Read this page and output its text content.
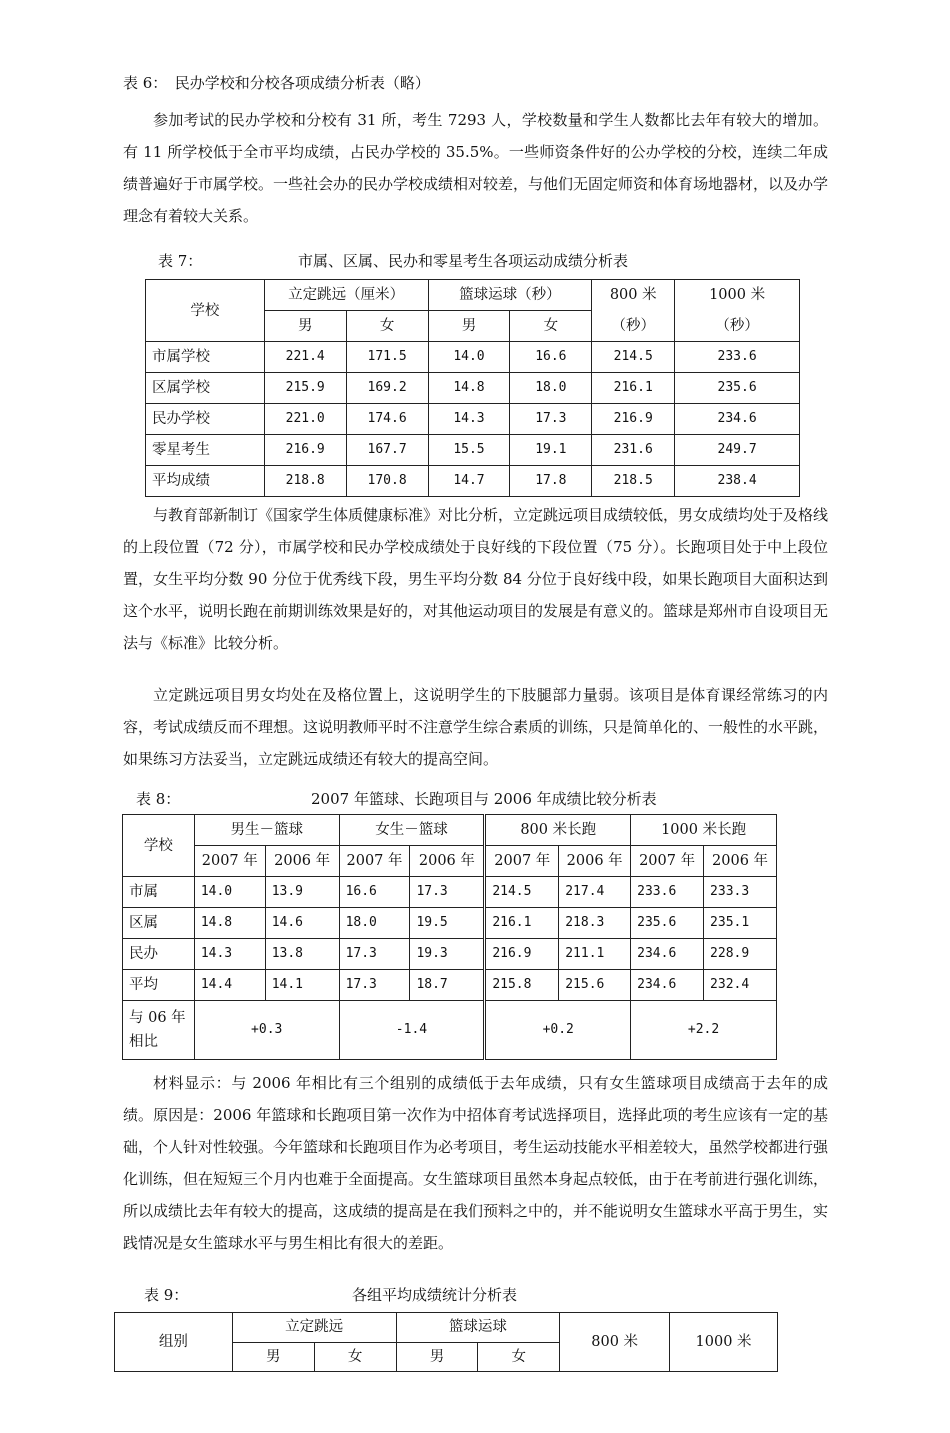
表 6：　民办学校和分校各项成绩分析表（略）
参加考试的民办学校和分校有 31 所，考生 7293 人，学校数量和学生人数都比去年有较大的增加。有 11 所学校低于全市平均成绩，占民办学校的 35.5%。一些师资条件好的公办学校的分校，连续二年成绩普遍好于市属学校。一些社会办的民办学校成绩相对较差，与他们无固定师资和体育场地器材，以及办学理念有着较大关系。
表 7：	市属、区属、民办和零星考生各项运动成绩分析表
学校	立定跳远（厘米）		篮球运球（秒）		800 米	1000 米
	男	女	男	女	（秒）	（秒）
市属学校	221.4	171.5	14.0	16.6	214.5	233.6
区属学校	215.9	169.2	14.8	18.0	216.1	235.6
民办学校	221.0	174.6	14.3	17.3	216.9	234.6
零星考生	216.9	167.7	15.5	19.1	231.6	249.7
平均成绩	218.8	170.8	14.7	17.8	218.5	238.4
与教育部新制订《国家学生体质健康标准》对比分析，立定跳远项目成绩较低，男女成绩均处于及格线的上段位置（72 分），市属学校和民办学校成绩处于良好线的下段位置（75 分）。长跑项目处于中上段位置，女生平均分数 90 分位于优秀线下段，男生平均分数 84 分位于良好线中段，如果长跑项目大面积达到这个水平，说明长跑在前期训练效果是好的，对其他运动项目的发展是有意义的。篮球是郑州市自设项目无法与《标准》比较分析。
立定跳远项目男女均处在及格位置上，这说明学生的下肢腿部力量弱。该项目是体育课经常练习的内容，考试成绩反而不理想。这说明教师平时不注意学生综合素质的训练，只是简单化的、一般性的水平跳，如果练习方法妥当，立定跳远成绩还有较大的提高空间。
表 8：	2007 年篮球、长跑项目与 2006 年成绩比较分析表
学校	男生－篮球		女生－篮球		800 米长跑		1000 米长跑	
	2007 年	2006 年	2007 年	2006 年	2007 年	2006 年	2007 年	2006 年
市属	14.0	13.9	16.6	17.3	214.5	217.4	233.6	233.3
区属	14.8	14.6	18.0	19.5	216.1	218.3	235.6	235.1
民办	14.3	13.8	17.3	19.3	216.9	211.1	234.6	228.9
平均	14.4	14.1	17.3	18.7	215.8	215.6	234.6	232.4
与 06 年
相比	+0.3		-1.4		+0.2		+2.2	
材料显示：与 2006 年相比有三个组别的成绩低于去年成绩，只有女生篮球项目成绩高于去年的成绩。原因是：2006 年篮球和长跑项目第一次作为中招体育考试选择项目，选择此项的考生应该有一定的基础，个人针对性较强。今年篮球和长跑项目作为必考项目，考生运动技能水平相差较大，虽然学校都进行强化训练，但在短短三个月内也难于全面提高。女生篮球项目虽然本身起点较低，由于在考前进行强化训练，所以成绩比去年有较大的提高，这成绩的提高是在我们预料之中的，并不能说明女生篮球水平高于男生，实践情况是女生篮球水平与男生相比有很大的差距。
表 9：	各组平均成绩统计分析表
组别	立定跳远		篮球运球		800 米	1000 米
	男	女	男	女		
